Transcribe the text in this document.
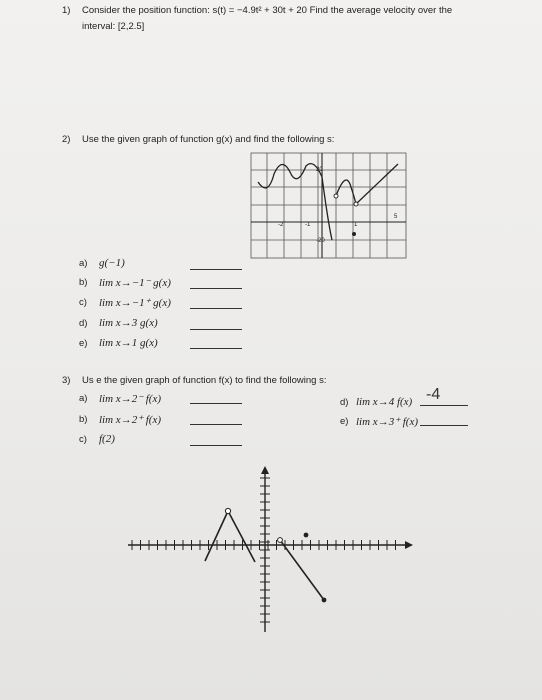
1) Consider the position function: s(t) = −4.9t² + 30t + 20 Find the average velocity over the
interval: [2,2.5]
2) Use the given graph of function g(x) and find the following s:
-2	-1	1
5
20
-20
a) g(−1)
b) lim x→−1⁻ g(x)
c) lim x→−1⁺ g(x)
d) lim x→3 g(x)
e) lim x→1 g(x)
3) Us e the given graph of function f(x) to find the following s:
a) lim x→2⁻ f(x)
b) lim x→2⁺ f(x)
c) f(2)
d) lim x→4 f(x) -4
e) lim x→3⁺ f(x)
